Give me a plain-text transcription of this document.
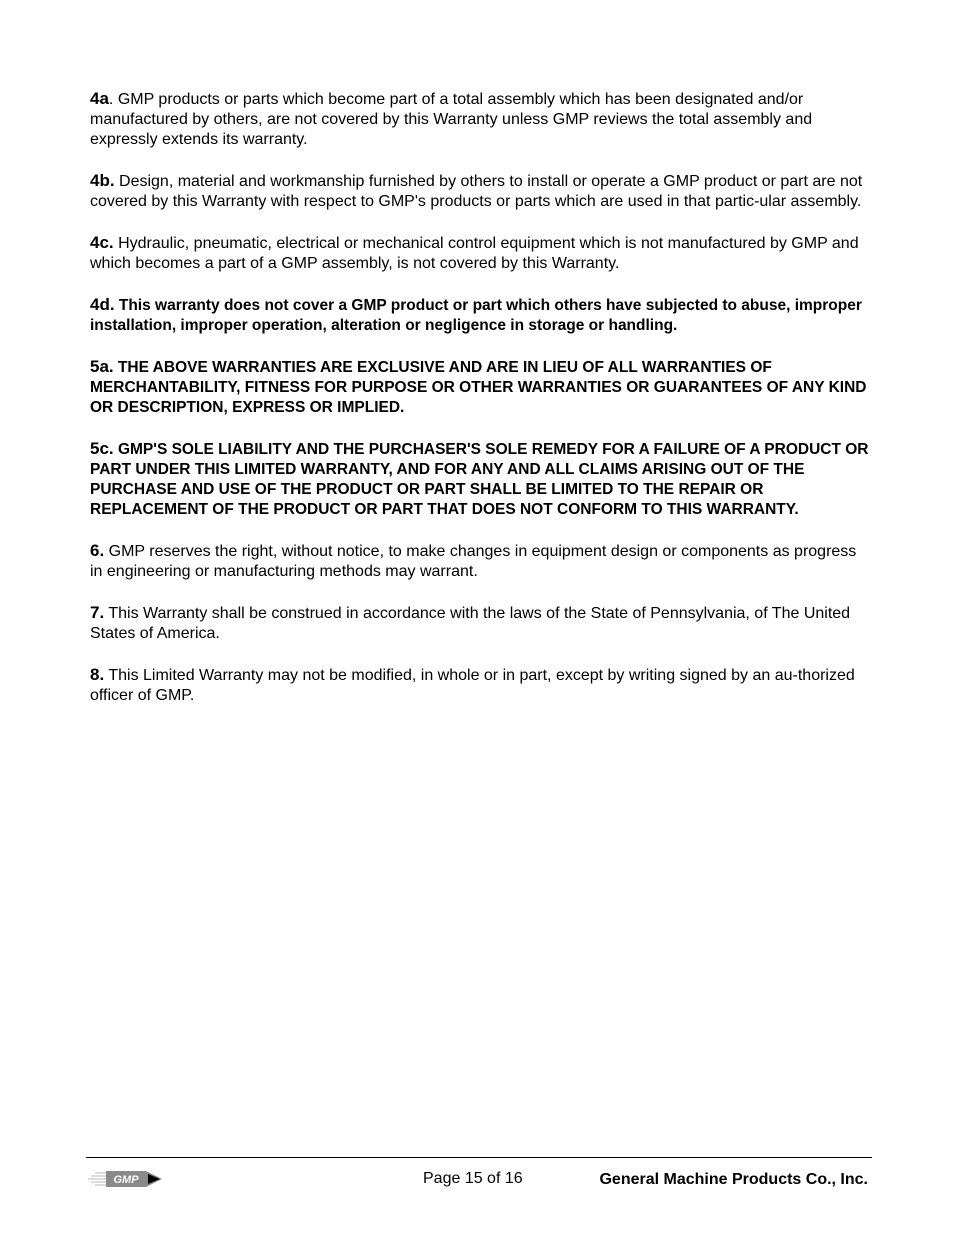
4a. GMP products or parts which become part of a total assembly which has been designated and/or manufactured by others, are not covered by this Warranty unless GMP reviews the total assembly and expressly extends its warranty.

4b. Design, material and workmanship furnished by others to install or operate a GMP product or part are not covered by this Warranty with respect to GMP's products or parts which are used in that partic-ular assembly.

4c. Hydraulic, pneumatic, electrical or mechanical control equipment which is not manufactured by GMP and which becomes a part of a GMP assembly, is not covered by this Warranty.

4d. This warranty does not cover a GMP product or part which others have subjected to abuse, improper installation, improper operation, alteration or negligence in storage or handling.

5a. THE ABOVE WARRANTIES ARE EXCLUSIVE AND ARE IN LIEU OF ALL WARRANTIES OF MERCHANTABILITY, FITNESS FOR PURPOSE OR OTHER WARRANTIES OR GUARANTEES OF ANY KIND OR DESCRIPTION, EXPRESS OR IMPLIED.

5c. GMP'S SOLE LIABILITY AND THE PURCHASER'S SOLE REMEDY FOR A FAILURE OF A PRODUCT OR PART UNDER THIS LIMITED WARRANTY, AND FOR ANY AND ALL CLAIMS ARISING OUT OF THE PURCHASE AND USE OF THE PRODUCT OR PART SHALL BE LIMITED TO THE REPAIR OR REPLACEMENT OF THE PRODUCT OR PART THAT DOES NOT CONFORM TO THIS WARRANTY.

6. GMP reserves the right, without notice, to make changes in equipment design or components as progress in engineering or manufacturing methods may warrant.

7. This Warranty shall be construed in accordance with the laws of the State of Pennsylvania, of The United States of America.

8. This Limited Warranty may not be modified, in whole or in part, except by writing signed by an au-thorized officer of GMP.

GMP	Page 15 of 16	General Machine Products Co., Inc.
